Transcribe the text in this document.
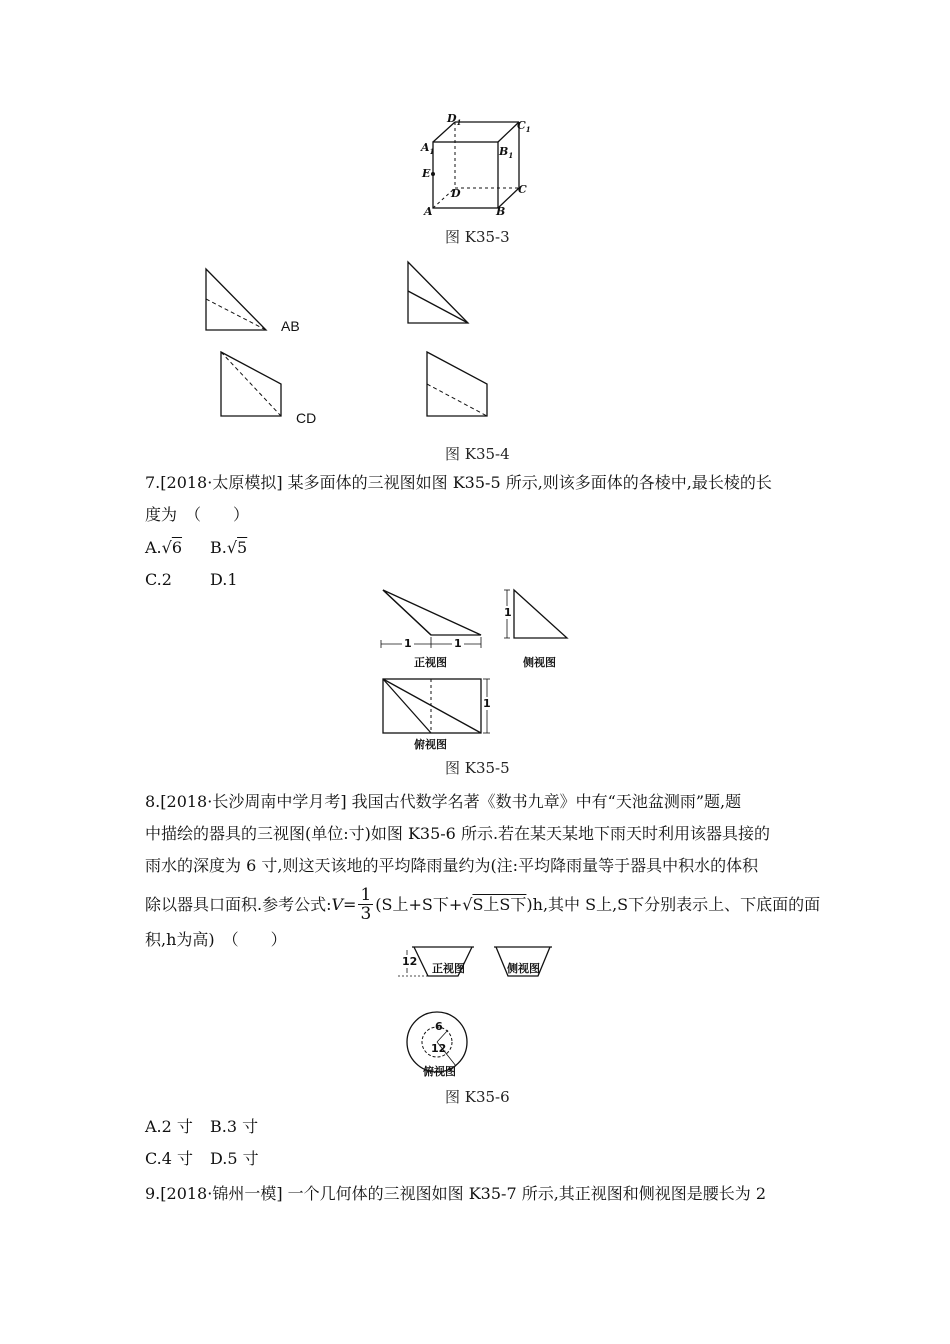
$D_1$	$C_1$
$A_1$	$B_1$
E
D	C
A	B
图 K35-3
AB
CD
图 K35-4
7.[2018·太原模拟] 某多面体的三视图如图 K35-5 所示,则该多面体的各棱中,最长棱的长
度为　（　　）
A.√6 B.√5
C.2 D.1
1	1
1
1
正视图	侧视图
俯视图
图 K35-5
8.[2018·长沙周南中学月考] 我国古代数学名著《数书九章》中有“天池盆测雨”题,题
中描绘的器具的三视图(单位:寸)如图 K35-6 所示.若在某天某地下雨天时利用该器具接的
雨水的深度为 6 寸,则这天该地的平均降雨量约为(注:平均降雨量等于器具中积水的体积
除以器具口面积.参考公式: $V= \frac{1}{3} (S$上+S下+ √ S上S下 )h,其中 S上,S下分别表示上、下底面的面
积,h为高)　（　　）
12
正视图	侧视图
6
12
俯视图
图 K35-6
A.2 寸 B.3 寸
C.4 寸 D.5 寸
9.[2018·锦州一模] 一个几何体的三视图如图 K35-7 所示,其正视图和侧视图是腰长为 2
